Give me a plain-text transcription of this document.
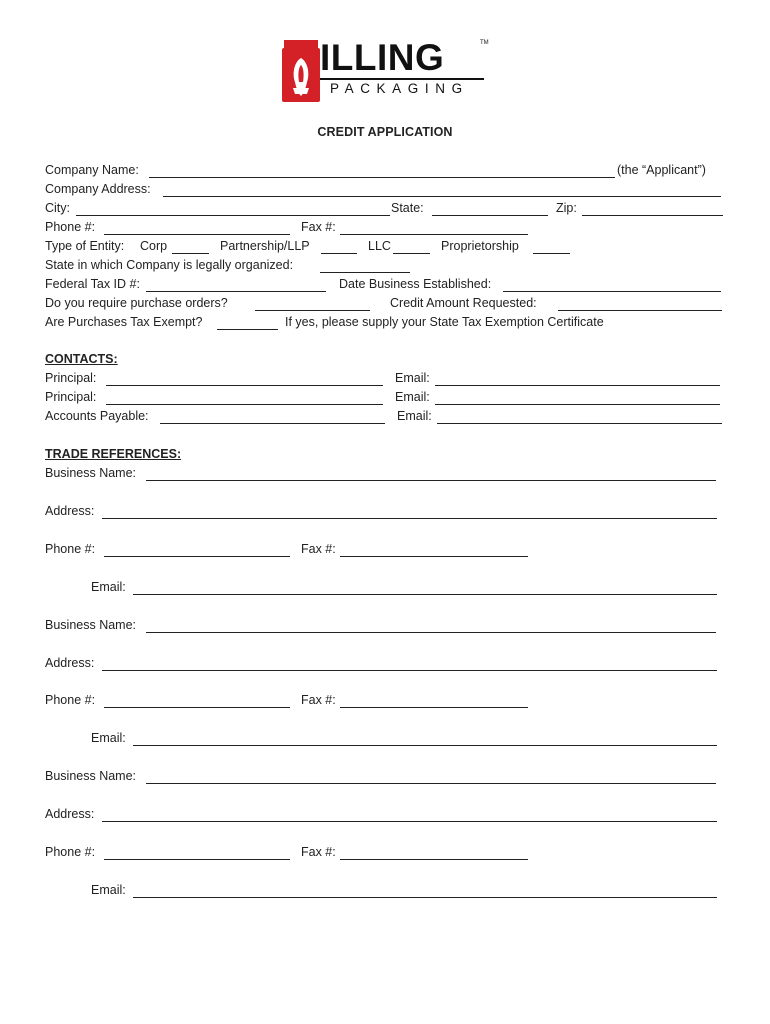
ILLING	TM
PACKAGING
CREDIT APPLICATION
Company Name:	(the “Applicant”)
Company Address:
City:	State:	Zip:
Phone #:	Fax #:
Type of Entity: Corp	Partnership/LLP	LLC	Proprietorship
State in which Company is legally organized:
Federal Tax ID #:	Date Business Established:
Do you require purchase orders?	Credit Amount Requested:
Are Purchases Tax Exempt?	If yes, please supply your State Tax Exemption Certificate
CONTACTS:
Principal:	Email:
Principal:	Email:
Accounts Payable:	Email:
TRADE REFERENCES:
Business Name:
Address:
Phone #:	Fax #:
Email:
Business Name:
Address:
Phone #:	Fax #:
Email:
Business Name:
Address:
Phone #:	Fax #:
Email:
